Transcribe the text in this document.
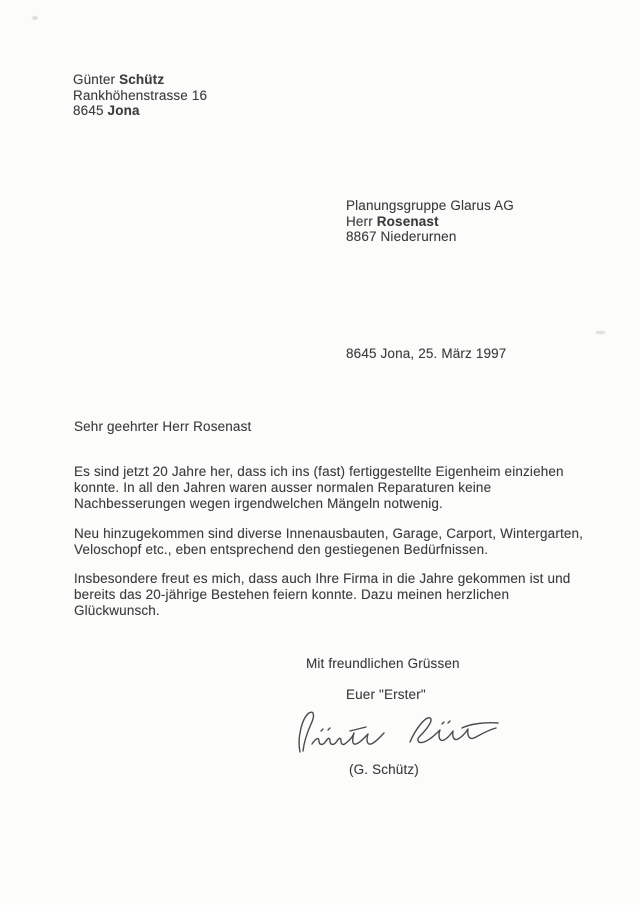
Günter Schütz
Rankhöhenstrasse 16
8645 Jona
Planungsgruppe Glarus AG
Herr Rosenast
8867 Niederurnen
8645 Jona, 25. März 1997
Sehr geehrter Herr Rosenast
Es sind jetzt 20 Jahre her, dass ich ins (fast) fertiggestellte Eigenheim einziehen
konnte. In all den Jahren waren ausser normalen Reparaturen keine
Nachbesserungen wegen irgendwelchen Mängeln notwenig.
Neu hinzugekommen sind diverse Innenausbauten, Garage, Carport, Wintergarten,
Veloschopf etc., eben entsprechend den gestiegenen Bedürfnissen.
Insbesondere freut es mich, dass auch Ihre Firma in die Jahre gekommen ist und
bereits das 20-jährige Bestehen feiern konnte. Dazu meinen herzlichen
Glückwunsch.
Mit freundlichen Grüssen
Euer "Erster"
(G. Schütz)
